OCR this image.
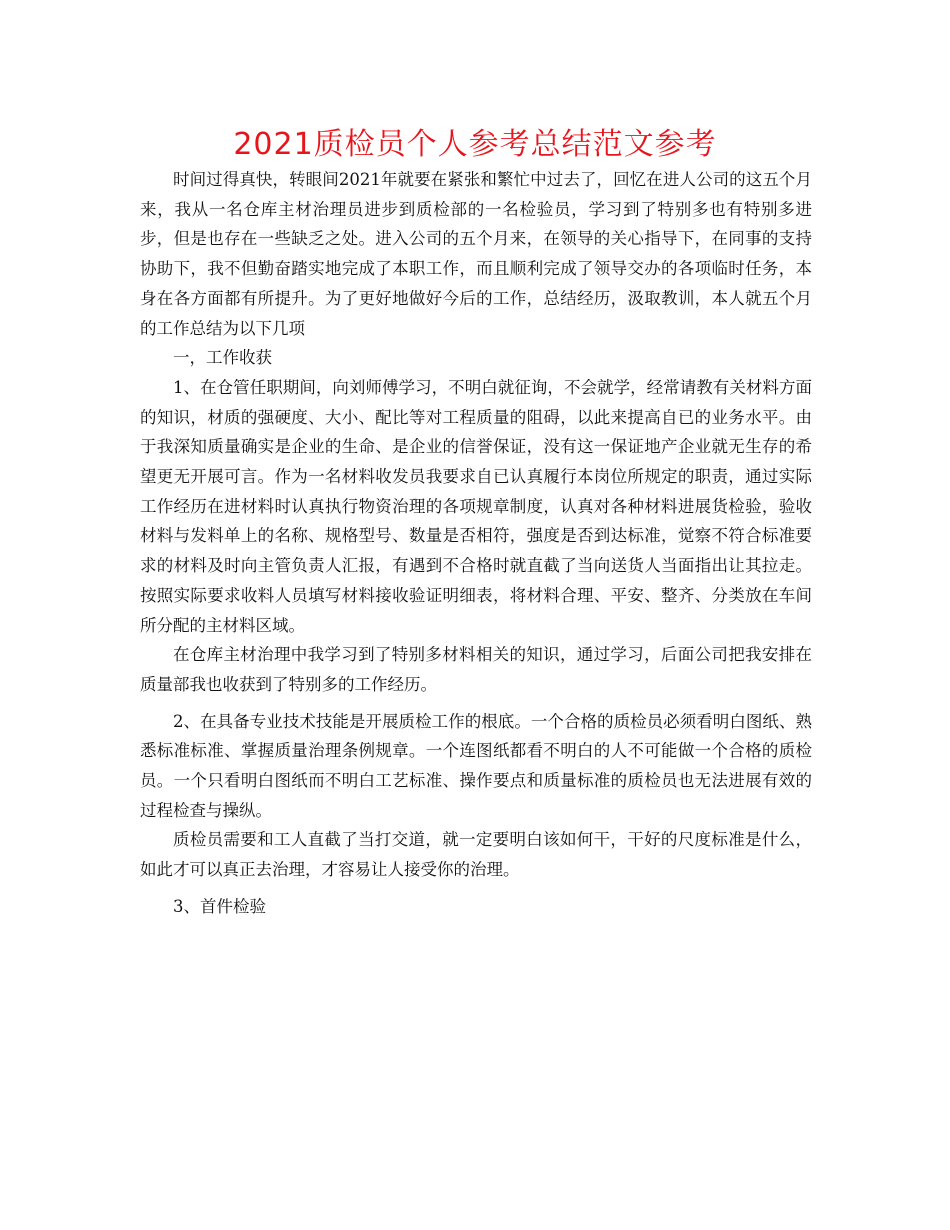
2021质检员个人参考总结范文参考

时间过得真快，转眼间2021年就要在紧张和繁忙中过去了，回忆在进人公司的这五个月来，我从一名仓库主材治理员进步到质检部的一名检验员，学习到了特别多也有特别多进步，但是也存在一些缺乏之处。进入公司的五个月来，在领导的关心指导下，在同事的支持协助下，我不但勤奋踏实地完成了本职工作，而且顺利完成了领导交办的各项临时任务，本身在各方面都有所提升。为了更好地做好今后的工作，总结经历，汲取教训，本人就五个月的工作总结为以下几项

一，工作收获

1、在仓管任职期间，向刘师傅学习，不明白就征询，不会就学，经常请教有关材料方面的知识，材质的强硬度、大小、配比等对工程质量的阻碍，以此来提高自已的业务水平。由于我深知质量确实是企业的生命、是企业的信誉保证，没有这一保证地产企业就无生存的希望更无开展可言。作为一名材料收发员我要求自已认真履行本岗位所规定的职责，通过实际工作经历在进材料时认真执行物资治理的各项规章制度，认真对各种材料进展货检验，验收材料与发料单上的名称、规格型号、数量是否相符，强度是否到达标准，觉察不符合标准要求的材料及时向主管负责人汇报，有遇到不合格时就直截了当向送货人当面指出让其拉走。按照实际要求收料人员填写材料接收验证明细表，将材料合理、平安、整齐、分类放在车间所分配的主材料区域。

在仓库主材治理中我学习到了特别多材料相关的知识，通过学习，后面公司把我安排在质量部我也收获到了特别多的工作经历。

2、在具备专业技术技能是开展质检工作的根底。一个合格的质检员必须看明白图纸、熟悉标准标准、掌握质量治理条例规章。一个连图纸都看不明白的人不可能做一个合格的质检员。一个只看明白图纸而不明白工艺标准、操作要点和质量标准的质检员也无法进展有效的过程检查与操纵。

质检员需要和工人直截了当打交道，就一定要明白该如何干，干好的尺度标准是什么，如此才可以真正去治理，才容易让人接受你的治理。

3、首件检验
